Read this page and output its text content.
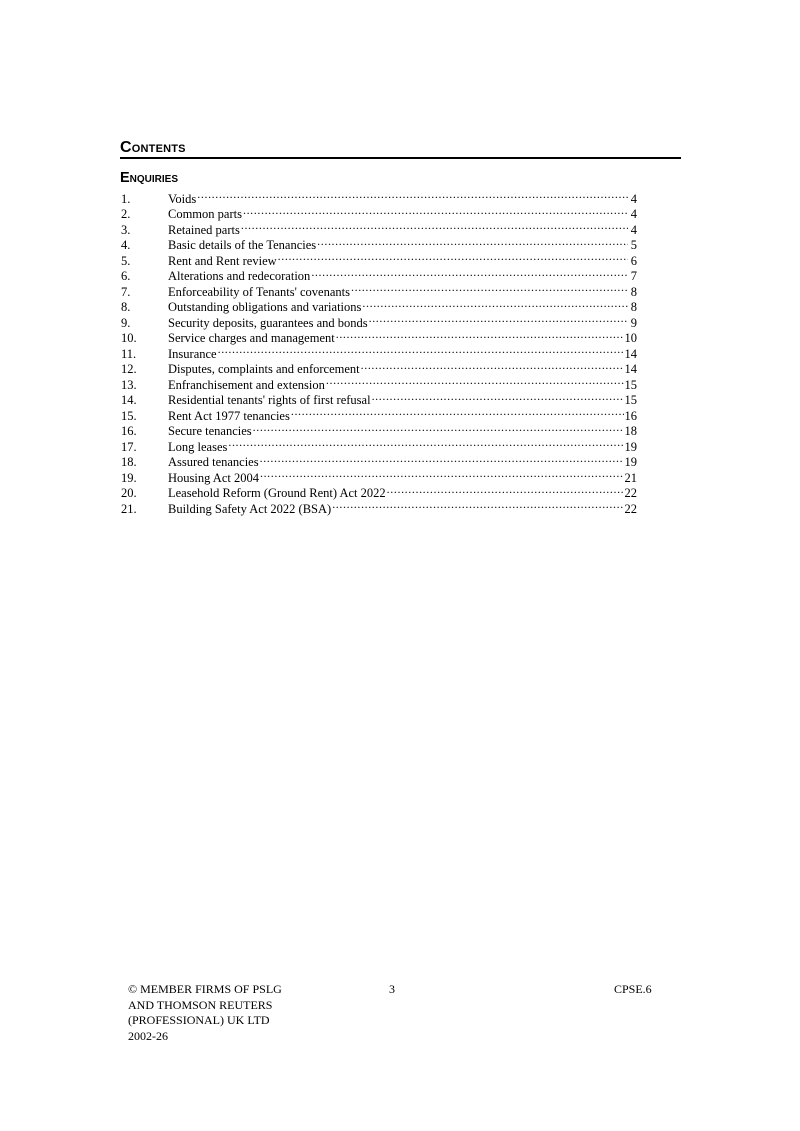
Contents
Enquiries
1.	Voids .....	4
2.	Common parts .....	4
3.	Retained parts .....	4
4.	Basic details of the Tenancies .....	5
5.	Rent and Rent review .....	6
6.	Alterations and redecoration .....	7
7.	Enforceability of Tenants' covenants .....	8
8.	Outstanding obligations and variations .....	8
9.	Security deposits, guarantees and bonds .....	9
10.	Service charges and management .....	10
11.	Insurance .....	14
12.	Disputes, complaints and enforcement .....	14
13.	Enfranchisement and extension .....	15
14.	Residential tenants' rights of first refusal .....	15
15.	Rent Act 1977 tenancies .....	16
16.	Secure tenancies .....	18
17.	Long leases .....	19
18.	Assured tenancies .....	19
19.	Housing Act 2004 .....	21
20.	Leasehold Reform (Ground Rent) Act 2022 .....	22
21.	Building Safety Act 2022 (BSA) .....	22
© MEMBER FIRMS OF PSLG
AND THOMSON REUTERS
(PROFESSIONAL) UK LTD
2002-26
3	CPSE.6
